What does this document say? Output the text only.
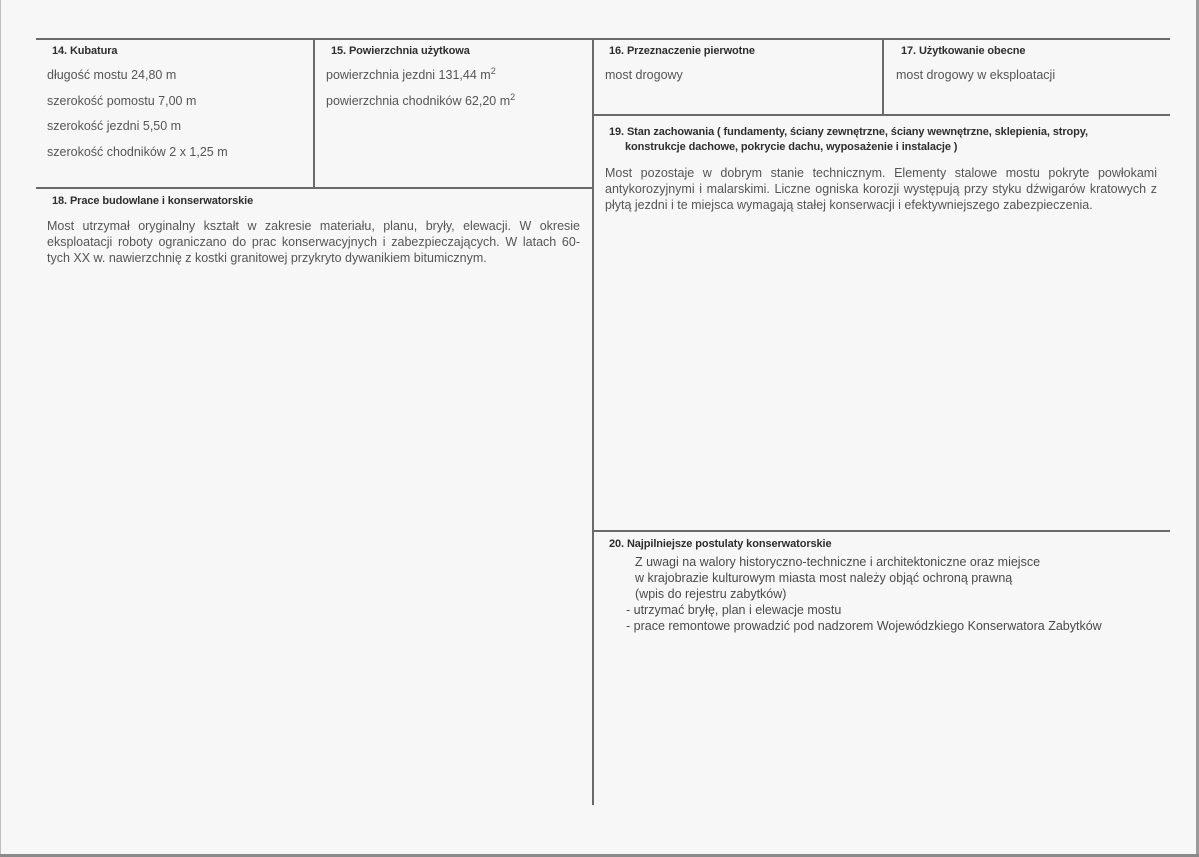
14. Kubatura
długość mostu 24,80 m
szerokość pomostu 7,00 m
szerokość jezdni 5,50 m
szerokość chodników 2 x 1,25 m
15. Powierzchnia użytkowa
powierzchnia jezdni 131,44 $m^2$
powierzchnia chodników 62,20 $m^2$
16. Przeznaczenie pierwotne
most drogowy
17. Użytkowanie obecne
most drogowy w eksploatacji
18. Prace budowlane i konserwatorskie
Most utrzymał oryginalny kształt w zakresie materiału, planu, bryły, elewacji. W okresie eksploatacji roboty ograniczano do prac konserwacyjnych i zabezpieczających. W latach 60-tych XX w. nawierzchnię z kostki granitowej przykryto dywanikiem bitumicznym.
19. Stan zachowania ( fundamenty, ściany zewnętrzne, ściany wewnętrzne, sklepienia, stropy,
konstrukcje dachowe, pokrycie dachu, wyposażenie i instalacje )
Most pozostaje w dobrym stanie technicznym. Elementy stalowe mostu pokryte powłokami antykorozyjnymi i malarskimi. Liczne ogniska korozji występują przy styku dźwigarów kratowych z płytą jezdni i te miejsca wymagają stałej konserwacji i efektywniejszego zabezpieczenia.
20. Najpilniejsze postulaty konserwatorskie
Z uwagi na walory historyczno-techniczne i architektoniczne oraz miejsce
w krajobrazie kulturowym miasta most należy objąć ochroną prawną
(wpis do rejestru zabytków)
- utrzymać bryłę, plan i elewacje mostu
- prace remontowe prowadzić pod nadzorem Wojewódzkiego Konserwatora Zabytków
